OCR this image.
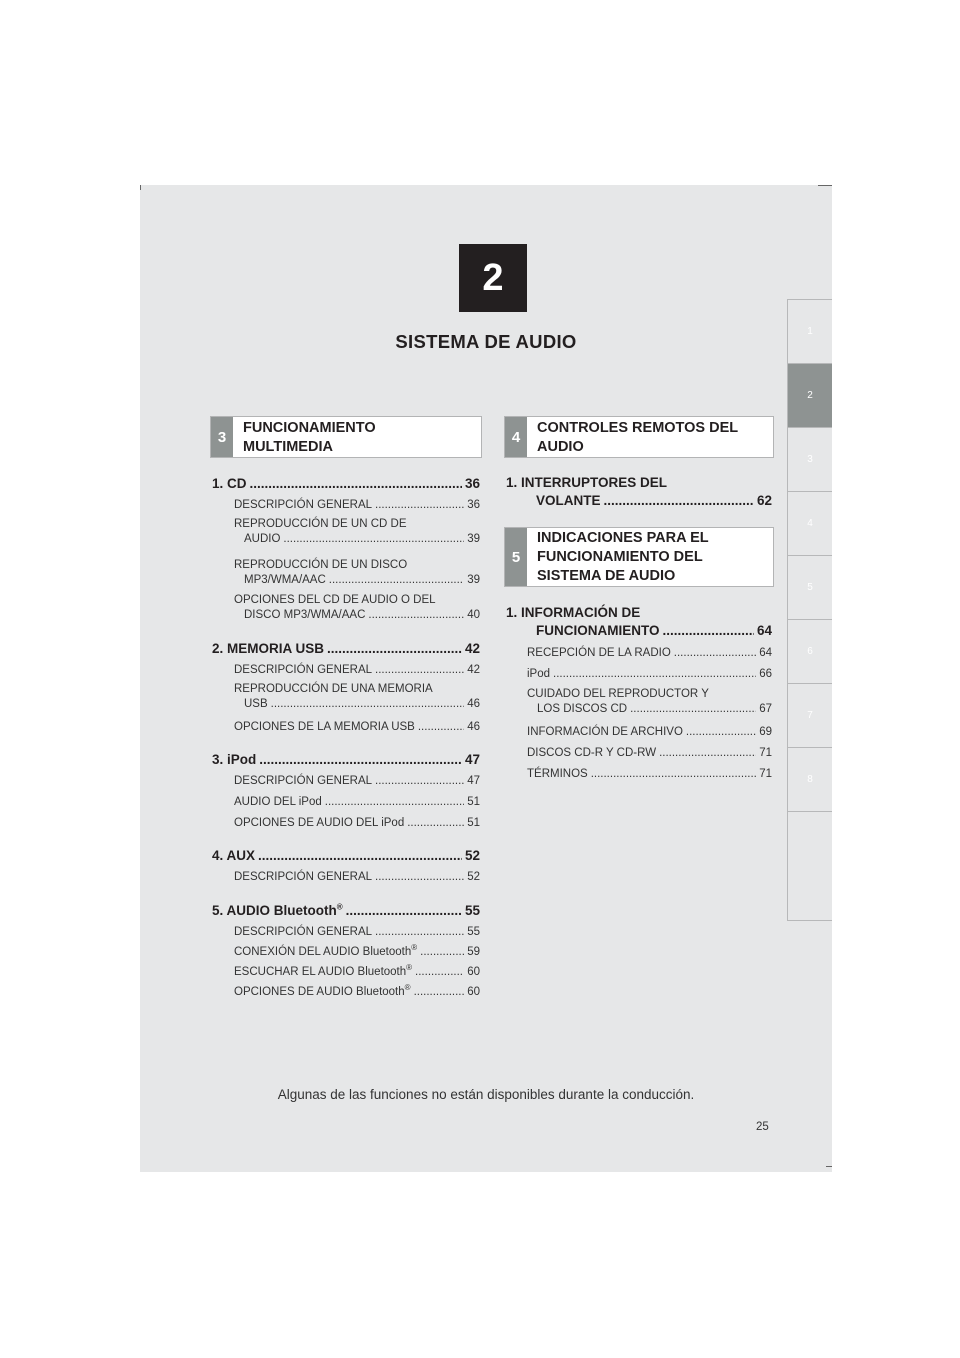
2
SISTEMA DE AUDIO	1
2
3
4
5
6
7
8
3
FUNCIONAMIENTO
MULTIMEDIA
4
CONTROLES REMOTOS DEL
AUDIO
5
INDICACIONES PARA EL
FUNCIONAMIENTO DEL
SISTEMA DE AUDIO
1. CD .....	36
DESCRIPCIÓN GENERAL .....	36
REPRODUCCIÓN DE UN CD DE
AUDIO .....	39
REPRODUCCIÓN DE UN DISCO
MP3/WMA/AAC .....	39
OPCIONES DEL CD DE AUDIO O DEL
DISCO MP3/WMA/AAC .....	40
2. MEMORIA USB .....	42
DESCRIPCIÓN GENERAL .....	42
REPRODUCCIÓN DE UNA MEMORIA
USB .....	46
OPCIONES DE LA MEMORIA USB .....	46
3. iPod .....	47
DESCRIPCIÓN GENERAL .....	47
AUDIO DEL iPod .....	51
OPCIONES DE AUDIO DEL iPod .....	51
4. AUX .....	52
DESCRIPCIÓN GENERAL .....	52
5. AUDIO Bluetooth® .....	55
DESCRIPCIÓN GENERAL .....	55
CONEXIÓN DEL AUDIO Bluetooth® .....	59
ESCUCHAR EL AUDIO Bluetooth® .....	60
OPCIONES DE AUDIO Bluetooth® .....	60
1. INTERRUPTORES DEL
VOLANTE .....	62
1. INFORMACIÓN DE
FUNCIONAMIENTO .....	64
RECEPCIÓN DE LA RADIO .....	64
iPod .....	66
CUIDADO DEL REPRODUCTOR Y
LOS DISCOS CD .....	67
INFORMACIÓN DE ARCHIVO .....	69
DISCOS CD-R Y CD-RW .....	71
TÉRMINOS .....	71
Algunas de las funciones no están disponibles durante la conducción.
25
